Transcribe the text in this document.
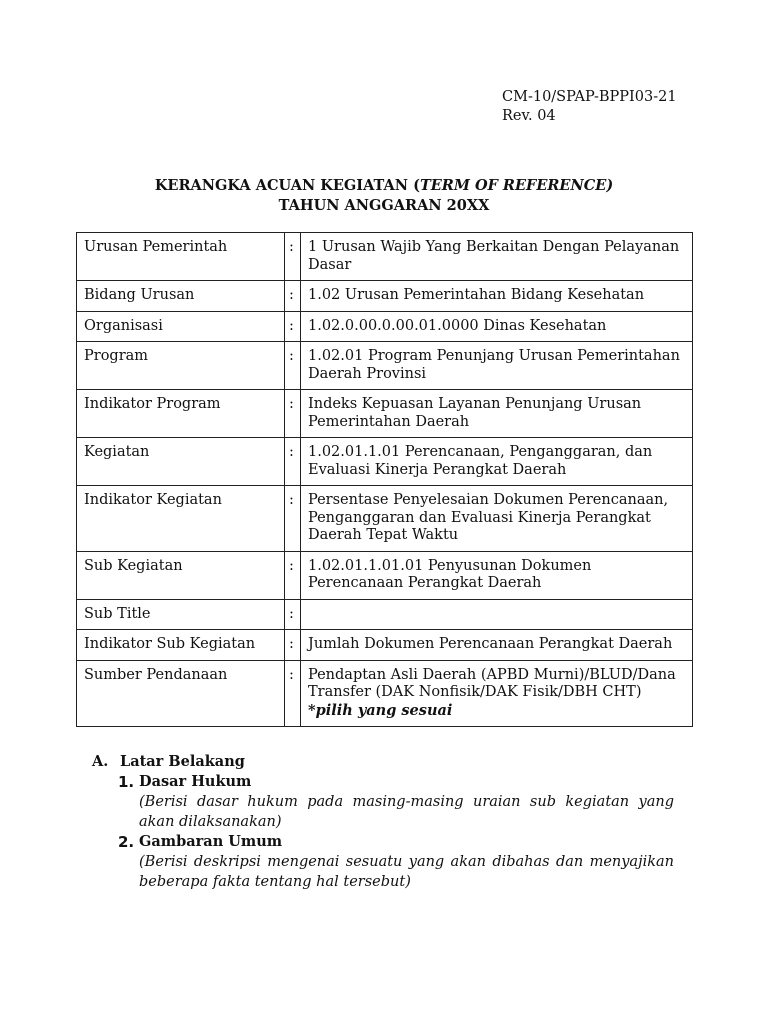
CM-10/SPAP-BPPI03-21
Rev. 04
KERANGKA ACUAN KEGIATAN (TERM OF REFERENCE)
TAHUN ANGGARAN 20XX
Urusan Pemerintah	:	1 Urusan Wajib Yang Berkaitan Dengan Pelayanan Dasar
Bidang Urusan	:	1.02 Urusan Pemerintahan Bidang Kesehatan
Organisasi	:	1.02.0.00.0.00.01.0000 Dinas Kesehatan
Program	:	1.02.01 Program Penunjang Urusan Pemerintahan Daerah Provinsi
Indikator Program	:	Indeks Kepuasan Layanan Penunjang Urusan Pemerintahan Daerah
Kegiatan	:	1.02.01.1.01 Perencanaan, Penganggaran, dan Evaluasi Kinerja Perangkat Daerah
Indikator Kegiatan	:	Persentase Penyelesaian Dokumen Perencanaan, Penganggaran dan Evaluasi Kinerja Perangkat Daerah Tepat Waktu
Sub Kegiatan	:	1.02.01.1.01.01 Penyusunan Dokumen Perencanaan Perangkat Daerah
Sub Title	:	
Indikator Sub Kegiatan	:	Jumlah Dokumen Perencanaan Perangkat Daerah
Sumber Pendanaan	:	Pendaptan Asli Daerah (APBD Murni)/BLUD/Dana Transfer (DAK Nonfisik/DAK Fisik/DBH CHT) *pilih yang sesuai
A. Latar Belakang
1. Dasar Hukum
(Berisi dasar hukum pada masing-masing uraian sub kegiatan yang akan dilaksanakan)
2. Gambaran Umum
(Berisi deskripsi mengenai sesuatu yang akan dibahas dan menyajikan beberapa fakta tentang hal tersebut)
